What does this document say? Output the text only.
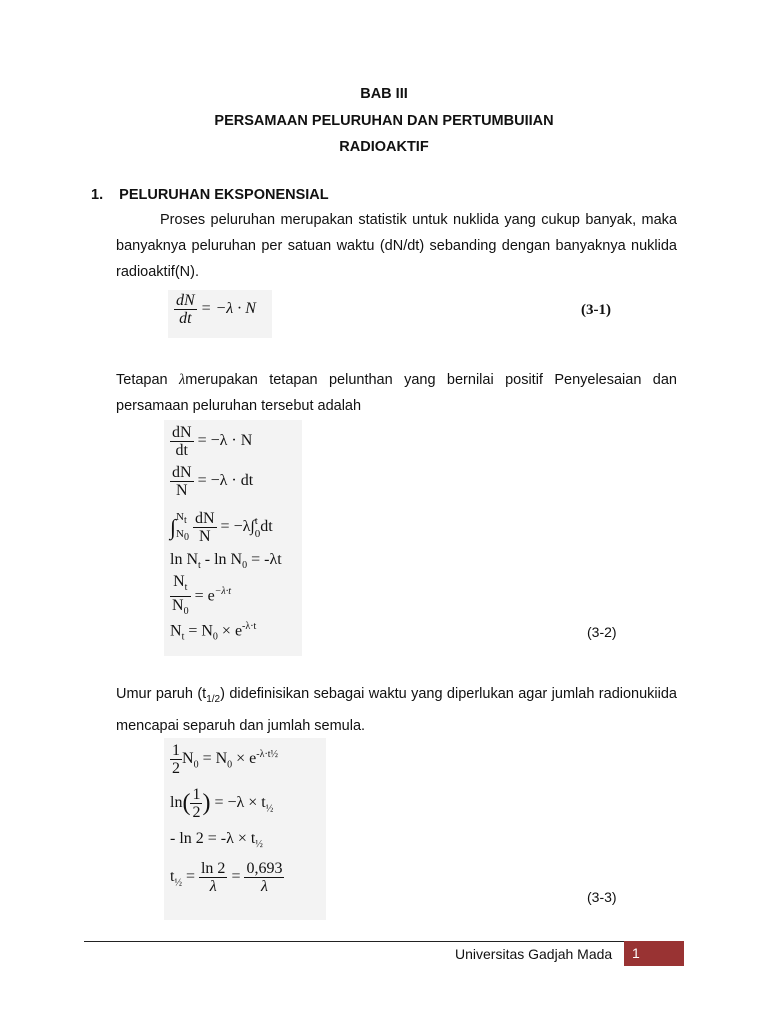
BAB III
PERSAMAAN PELURUHAN DAN PERTUMBUIIAN
RADIOAKTIF
1. PELURUHAN EKSPONENSIAL

Proses peluruhan merupakan statistik untuk nuklida yang cukup banyak, maka banyaknya peluruhan per satuan waktu (dN/dt) sebanding dengan banyaknya nuklida radioaktif(N).

$\frac{dN}{dt} = -\lambda \cdot N$	(3-1)

Tetapan λmerupakan tetapan pelunthan yang bernilai positif Penyelesaian dan persamaan peluruhan tersebut adalah

$\frac{dN}{dt} = -\lambda \cdot N$
$\frac{dN}{N} = -\lambda$ · dt
∫ $N_t$
$N_0$
$\frac{dN}{N} = -\lambda\int$ t
0 dt
$\ln N_t - \ln N_0 = -\lambda t$
$\frac{N_t}{N_0} = e^{-\lambda\cdot t}$
$N_t = N_0 \times e^{-\lambda\cdot t}$	(3-2)

Umur paruh $(t_{1/2})$ didefinisikan sebagai waktu yang diperlukan agar jumlah radionukiida mencapai separuh dan jumlah semula.

$\frac{1}{2} N_0 = N_0 \times e^{-\lambda\cdot t\frac{1}{2}}$
$\ln( \frac{1}{2}$ ) = $-\lambda \times t_{\frac{1}{2}}$
- $\ln 2 = -\lambda \times t_{\frac{1}{2}}$
$t_{\frac{1}{2}} = \frac{\ln 2}{\lambda} = \frac{0,693}{\lambda}$
(3-3)
Universitas Gadjah Mada 1
